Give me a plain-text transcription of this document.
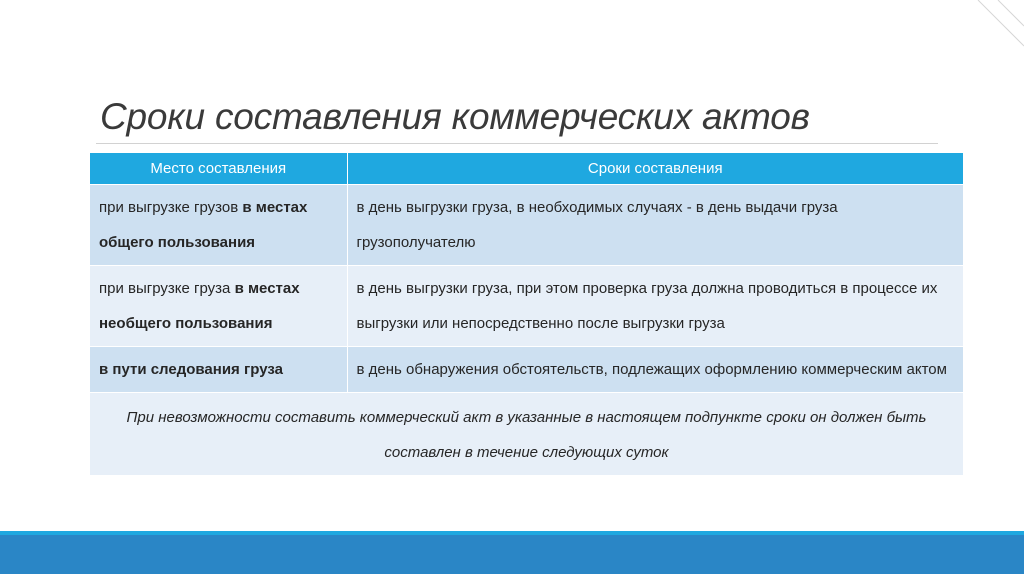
Сроки составления коммерческих актов
Место составления	Сроки составления
при выгрузке грузов в местах общего пользования	в день выгрузки груза, в необходимых случаях - в день выдачи груза грузополучателю
при выгрузке груза в местах необщего пользования	в день выгрузки груза, при этом проверка груза должна проводиться в процессе их выгрузки или непосредственно после выгрузки груза
в пути следования груза	в день обнаружения обстоятельств, подлежащих оформлению коммерческим актом
При невозможности составить коммерческий акт в указанные в настоящем подпункте сроки он должен быть составлен в течение следующих суток	
